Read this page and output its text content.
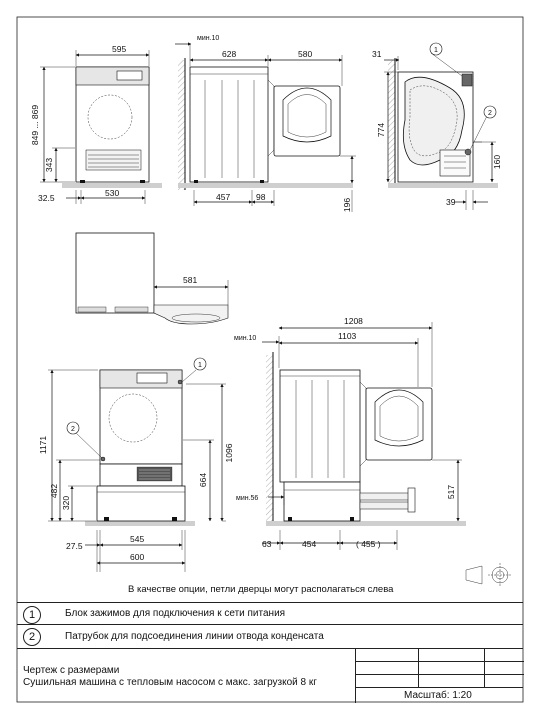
595
849 ... 869
343
32.5	530
мин.10
628	580
457	98
196
31
774
160
39
581
1171	1096
664
482
320
27.5
545
600
мин.10
1208
1103
мин.56	517
63	454	( 455 )
1
2
1
2
В качестве опции, петли дверцы могут располагаться слева
1	Блок зажимов для подключения к сети питания
2	Патрубок для подсоединения линии отвода конденсата
Чертеж с размерами
Сушильная машина с тепловым насосом с макс. загрузкой 8 кг
Масштаб: 1:20
